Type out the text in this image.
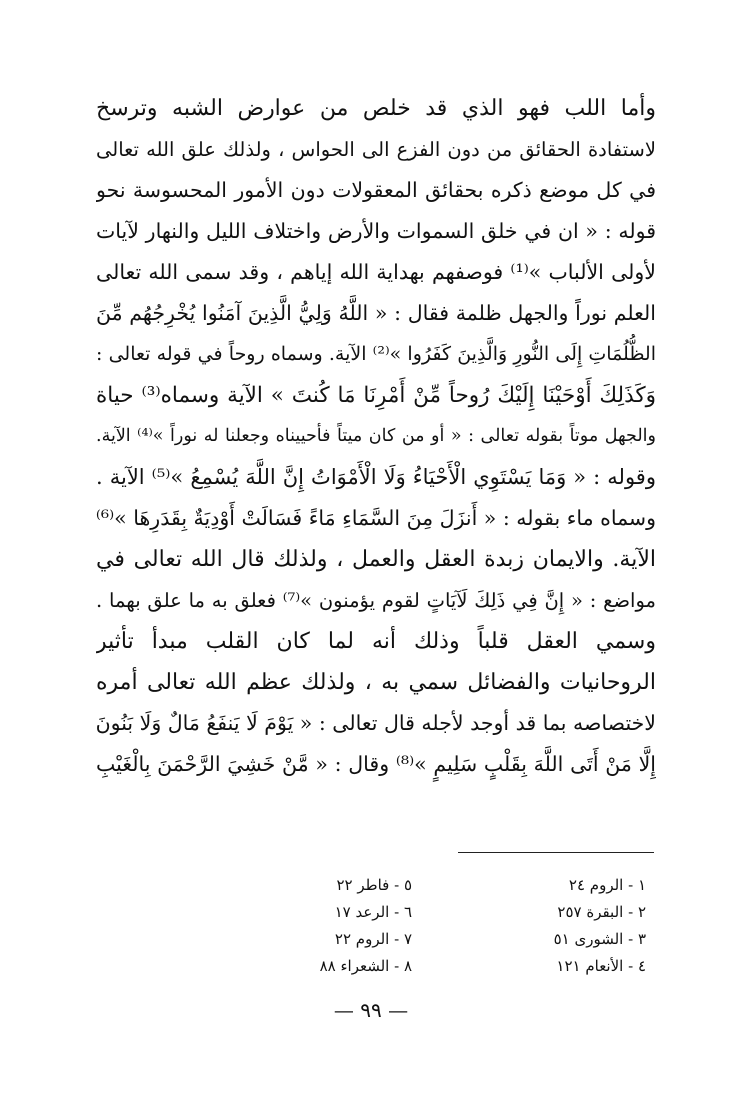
وأما اللب فهو الذي قد خلص من عوارض الشبه وترسخ
لاستفادة الحقائق من دون الفزع الى الحواس ، ولذلك علق الله تعالى
في كل موضع ذكره بحقائق المعقولات دون الأمور المحسوسة نحو
قوله : « ان في خلق السموات والأرض واختلاف الليل والنهار لآيات
لأولى الألباب »⁽¹⁾ فوصفهم بهداية الله إياهم ، وقد سمى الله تعالى
العلم نوراً والجهل ظلمة فقال : « اللَّهُ وَلِيُّ الَّذِينَ آمَنُوا يُخْرِجُهُم مِّنَ
الظُّلُمَاتِ إِلَى النُّورِ وَالَّذِينَ كَفَرُوا »⁽²⁾ الآية. وسماه روحاً في قوله تعالى :
وَكَذَلِكَ أَوْحَيْنَا إِلَيْكَ رُوحاً مِّنْ أَمْرِنَا مَا كُنتَ » الآية وسماه⁽³⁾ حياة
والجهل موتاً بقوله تعالى : « أو من كان ميتاً فأحييناه وجعلنا له نوراً »⁽⁴⁾ الآية.
وقوله : « وَمَا يَسْتَوِي الْأَحْيَاءُ وَلَا الْأَمْوَاتُ إِنَّ اللَّهَ يُسْمِعُ »⁽⁵⁾ الآية .
وسماه ماء بقوله : « أَنزَلَ مِنَ السَّمَاءِ مَاءً فَسَالَتْ أَوْدِيَةٌ بِقَدَرِهَا »⁽⁶⁾
الآية. والايمان زبدة العقل والعمل ، ولذلك قال الله تعالى في
مواضع : « إِنَّ فِي ذَلِكَ لَآيَاتٍ لقوم يؤمنون »⁽⁷⁾ فعلق به ما علق بهما .
وسمي العقل قلباً وذلك أنه لما كان القلب مبدأ تأثير
الروحانيات والفضائل سمي به ، ولذلك عظم الله تعالى أمره
لاختصاصه بما قد أوجد لأجله قال تعالى : « يَوْمَ لَا يَنفَعُ مَالٌ وَلَا بَنُونَ
إِلَّا مَنْ أَتَى اللَّهَ بِقَلْبٍ سَلِيمٍ »⁽⁸⁾ وقال : « مَّنْ خَشِيَ الرَّحْمَنَ بِالْغَيْبِ
١ - الروم ٢٤
٢ - البقرة ٢٥٧
٣ - الشورى ٥١
٤ - الأنعام ١٢١
٥ - فاطر ٢٢
٦ - الرعد ١٧
٧ - الروم ٢٢
٨ - الشعراء ٨٨
— ٩٩ —
